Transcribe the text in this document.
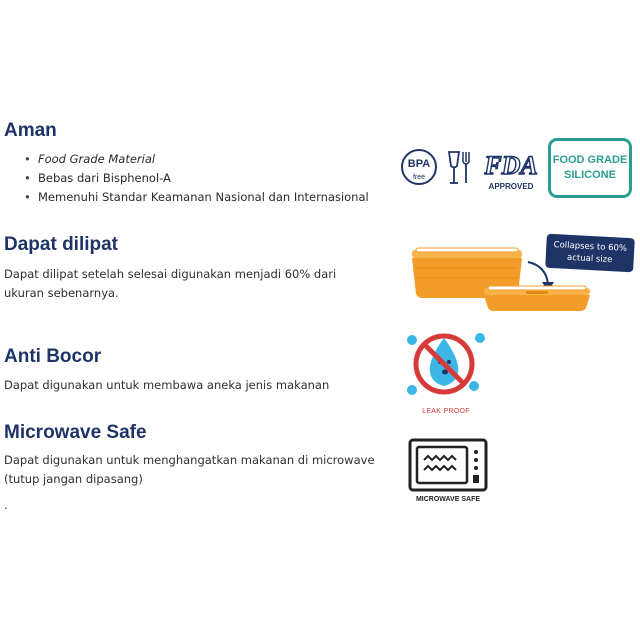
Aman
• Food Grade Material
• Bebas dari Bisphenol-A
• Memenuhi Standar Keamanan Nasional dan Internasional
BPA
free FDA
APPROVED
FOOD GRADE
SILICONE
Dapat dilipat

Dapat dilipat setelah selesai digunakan menjadi 60% dari ukuran sebenarnya.

Collapses to 60%
actual size
Anti Bocor

Dapat digunakan untuk membawa aneka jenis makanan

LEAK PROOF
Microwave Safe

Dapat digunakan untuk menghangatkan makanan di microwave (tutup jangan dipasang)

.	MICROWAVE SAFE
